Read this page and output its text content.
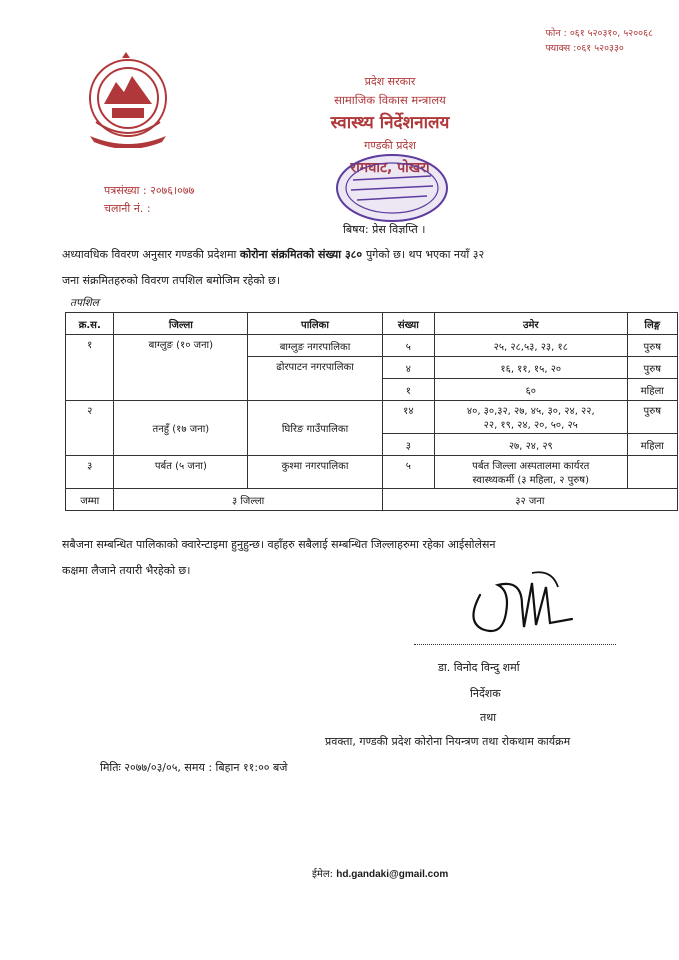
फोन : ०६१ ५२०३१०, ५२००६८
फ्याक्स :०६१ ५२०३३०
प्रदेश सरकार
सामाजिक विकास मन्त्रालय
स्वास्थ्य निर्देशनालय
गण्डकी प्रदेश
पत्रसंख्या : २०७६।०७७
चलानी नं. :
बिषय: प्रेस विज्ञप्ति ।
अध्यावधिक विवरण अनुसार गण्डकी प्रदेशमा कोरोना संक्रमितको संख्या ३८० पुगेको छ। थप भएका नयाँ ३२
जना संक्रमितहरुको विवरण तपशिल बमोजिम रहेको छ।
तपशिल
क्र.स.	जिल्ला	पालिका	संख्या	उमेर	लिङ्ग
१	बाग्लुङ (१० जना)	बाग्लुङ नगरपालिका	५	२५, २८,५३, २३, १८	पुरुष
		ढोरपाटन नगरपालिका	४	१६, ११, १५, २०	पुरुष
			१	६०	महिला
२	तनहुँ (१७ जना)	घिरिङ गाउँपालिका	१४	४०, ३०,३२, २७, ४५, ३०, २४, २२,
२२, १९, २४, २०, ५०, २५	पुरुष
			३	२७, २४, २९	महिला
३	पर्बत (५ जना)	कुश्मा नगरपालिका	५	पर्बत जिल्ला अस्पतालमा कार्यरत
स्वास्थ्यकर्मी (३ महिला, २ पुरुष)	

जम्मा	३ जिल्ला		३२ जना		
सबैजना सम्बन्धित पालिकाको क्वारेन्टाइमा हुनुहुन्छ। वहाँहरु सबैलाई सम्बन्धित जिल्लाहरुमा रहेका आईसोलेसन
कक्षमा लैजाने तयारी भैरहेको छ।
डा. विनोद विन्दु शर्मा
निर्देशक
तथा
प्रवक्ता, गण्डकी प्रदेश कोरोना नियन्त्रण तथा रोकथाम कार्यक्रम
मितिः २०७७/०३/०५, समय : बिहान ११:०० बजे
ईमेल: hd.gandaki@gmail.com
